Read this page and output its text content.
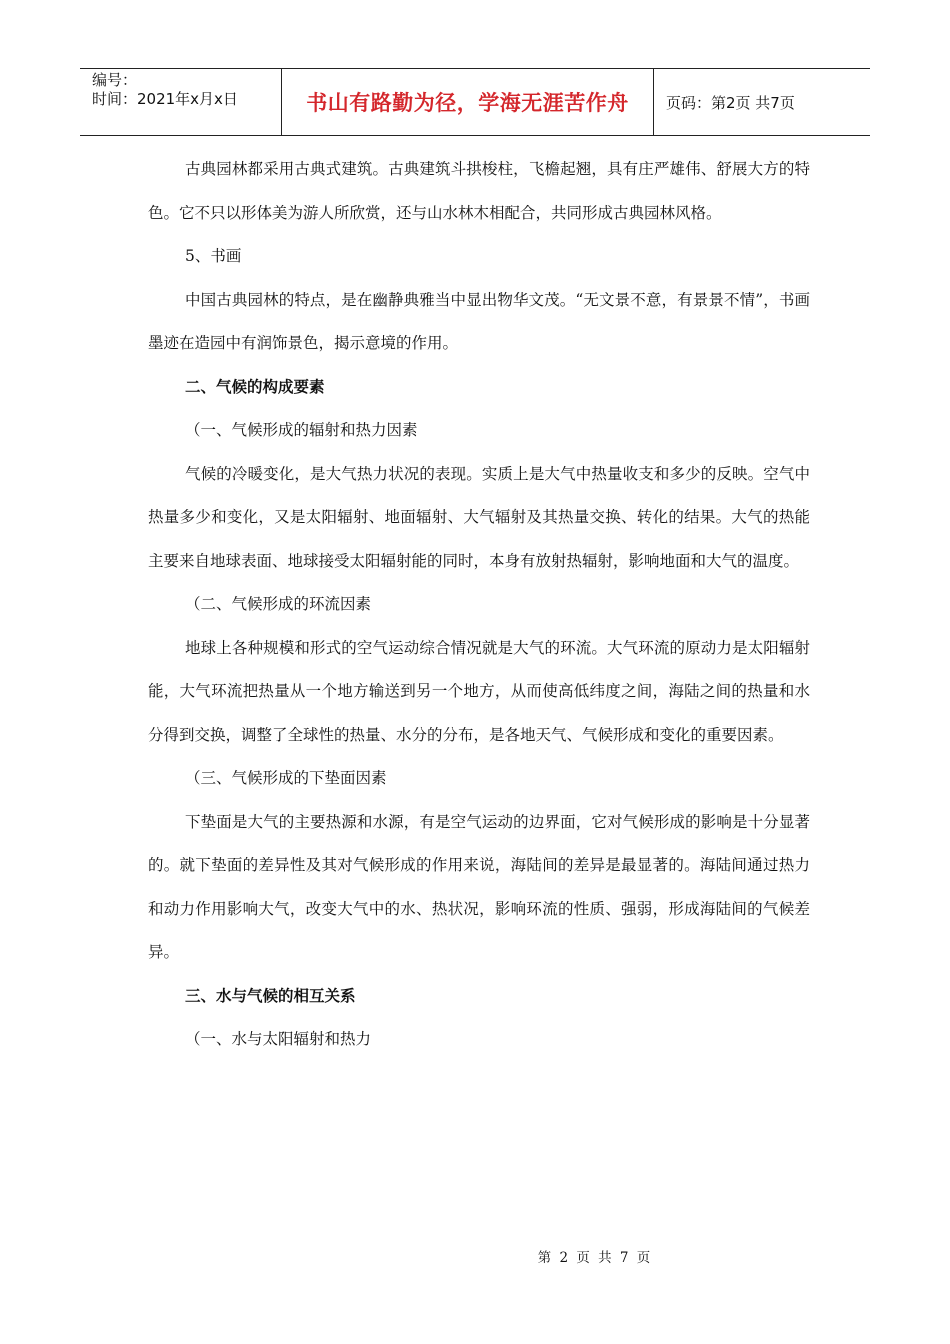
编号：
时间：2021年x月x日	书山有路勤为径，学海无涯苦作舟	页码：第2页 共7页

古典园林都采用古典式建筑。古典建筑斗拱梭柱，飞檐起翘，具有庄严雄伟、舒展大方的特色。它不只以形体美为游人所欣赏，还与山水林木相配合，共同形成古典园林风格。

5、书画

中国古典园林的特点，是在幽静典雅当中显出物华文茂。“无文景不意，有景景不情”，书画墨迹在造园中有润饰景色，揭示意境的作用。

二、气候的构成要素

（一、气候形成的辐射和热力因素

气候的冷暖变化，是大气热力状况的表现。实质上是大气中热量收支和多少的反映。空气中热量多少和变化，又是太阳辐射、地面辐射、大气辐射及其热量交换、转化的结果。大气的热能主要来自地球表面、地球接受太阳辐射能的同时，本身有放射热辐射，影响地面和大气的温度。

（二、气候形成的环流因素

地球上各种规模和形式的空气运动综合情况就是大气的环流。大气环流的原动力是太阳辐射能，大气环流把热量从一个地方输送到另一个地方，从而使高低纬度之间，海陆之间的热量和水分得到交换，调整了全球性的热量、水分的分布，是各地天气、气候形成和变化的重要因素。

（三、气候形成的下垫面因素

下垫面是大气的主要热源和水源，有是空气运动的边界面，它对气候形成的影响是十分显著的。就下垫面的差异性及其对气候形成的作用来说，海陆间的差异是最显著的。海陆间通过热力和动力作用影响大气，改变大气中的水、热状况，影响环流的性质、强弱，形成海陆间的气候差异。

三、水与气候的相互关系

（一、水与太阳辐射和热力

第 2 页 共 7 页
